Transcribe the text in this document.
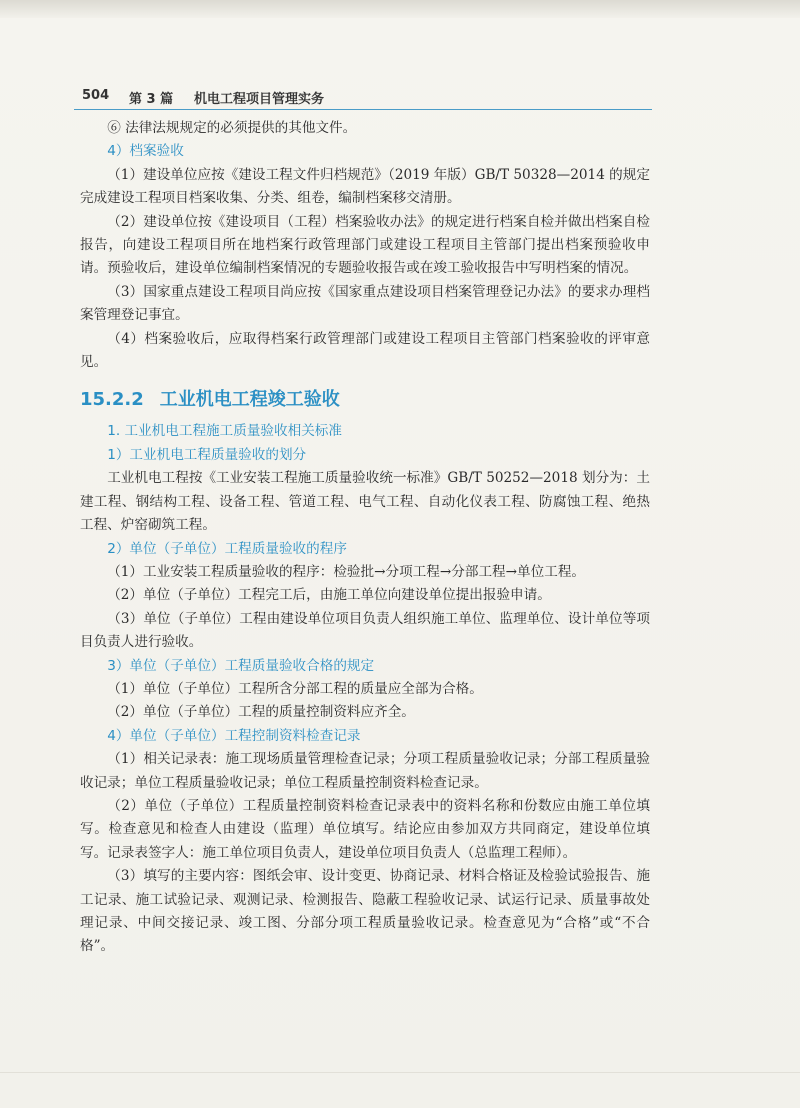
504 第 3 篇 机电工程项目管理实务

⑥ 法律法规规定的必须提供的其他文件。

4）档案验收

（1）建设单位应按《建设工程文件归档规范》（2019 年版）GB/T 50328—2014 的规定完成建设工程项目档案收集、分类、组卷，编制档案移交清册。

（2）建设单位按《建设项目（工程）档案验收办法》的规定进行档案自检并做出档案自检报告，向建设工程项目所在地档案行政管理部门或建设工程项目主管部门提出档案预验收申请。预验收后，建设单位编制档案情况的专题验收报告或在竣工验收报告中写明档案的情况。

（3）国家重点建设工程项目尚应按《国家重点建设项目档案管理登记办法》的要求办理档案管理登记事宜。

（4）档案验收后，应取得档案行政管理部门或建设工程项目主管部门档案验收的评审意见。

15.2.2 工业机电工程竣工验收
1. 工业机电工程施工质量验收相关标准
1）工业机电工程质量验收的划分

工业机电工程按《工业安装工程施工质量验收统一标准》GB/T 50252—2018 划分为：土建工程、钢结构工程、设备工程、管道工程、电气工程、自动化仪表工程、防腐蚀工程、绝热工程、炉窑砌筑工程。

2）单位（子单位）工程质量验收的程序

（1）工业安装工程质量验收的程序：检验批→分项工程→分部工程→单位工程。

（2）单位（子单位）工程完工后，由施工单位向建设单位提出报验申请。

（3）单位（子单位）工程由建设单位项目负责人组织施工单位、监理单位、设计单位等项目负责人进行验收。

3）单位（子单位）工程质量验收合格的规定

（1）单位（子单位）工程所含分部工程的质量应全部为合格。

（2）单位（子单位）工程的质量控制资料应齐全。

4）单位（子单位）工程控制资料检查记录

（1）相关记录表：施工现场质量管理检查记录；分项工程质量验收记录；分部工程质量验收记录；单位工程质量验收记录；单位工程质量控制资料检查记录。

（2）单位（子单位）工程质量控制资料检查记录表中的资料名称和份数应由施工单位填写。检查意见和检查人由建设（监理）单位填写。结论应由参加双方共同商定，建设单位填写。记录表签字人：施工单位项目负责人，建设单位项目负责人（总监理工程师）。

（3）填写的主要内容：图纸会审、设计变更、协商记录、材料合格证及检验试验报告、施工记录、施工试验记录、观测记录、检测报告、隐蔽工程验收记录、试运行记录、质量事故处理记录、中间交接记录、竣工图、分部分项工程质量验收记录。检查意见为“合格”或“不合格”。
